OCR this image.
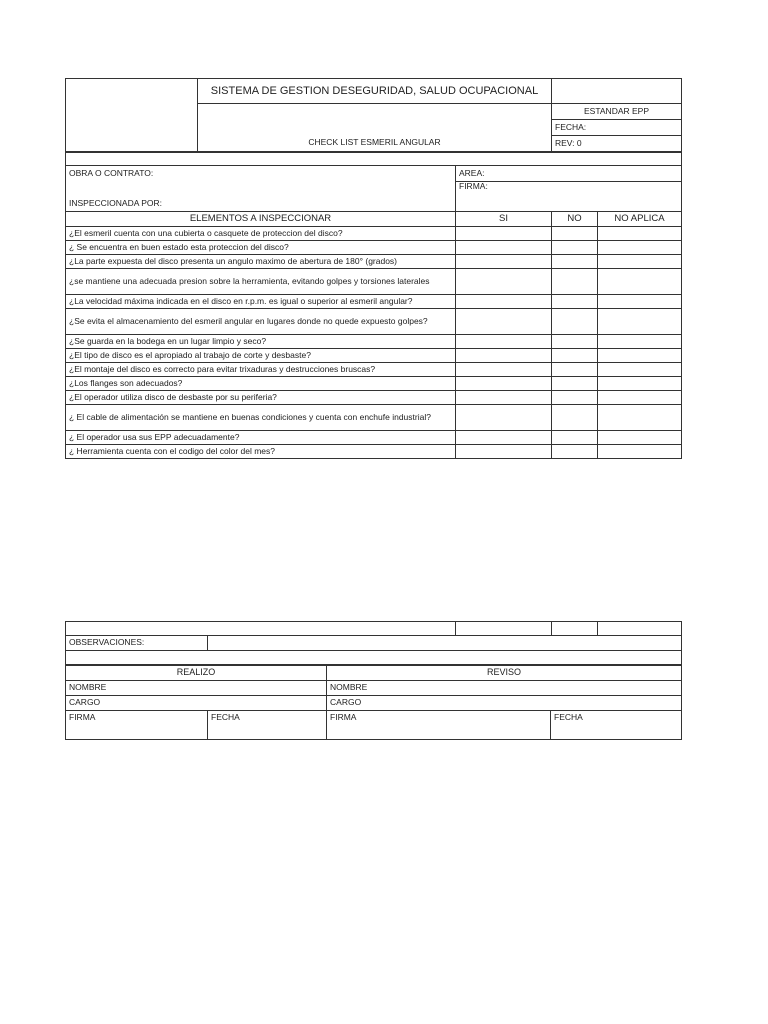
	SISTEMA DE GESTION DESEGURIDAD, SALUD OCUPACIONAL	
		ESTANDAR EPP
		FECHA:
	CHECK LIST ESMERIL ANGULAR	REV: 0

OBRA O CONTRATO:	AREA:		
INSPECCIONADA POR:	FIRMA:		
ELEMENTOS A INSPECCIONAR	SI	NO	NO APLICA
¿El esmeril cuenta con una cubierta o casquete de proteccion del disco?			
¿ Se encuentra en buen estado esta proteccion del disco?			
¿La parte expuesta del disco presenta un angulo maximo de abertura de 180° (grados)			
¿se mantiene una adecuada presion sobre la herramienta, evitando golpes y torsiones laterales			
¿La velocidad máxima indicada en el disco en r.p.m. es igual o superior al esmeril angular?			
¿Se evita el almacenamiento del esmeril angular en lugares donde no quede expuesto golpes?			
¿Se guarda en la bodega en un lugar limpio y seco?			
¿El tipo de disco es el apropiado al trabajo de corte y desbaste?			
¿El montaje del disco es correcto para evitar trixaduras y destrucciones bruscas?			
¿Los flanges son adecuados?			
¿El operador utiliza disco de desbaste por su periferia?			
¿ El cable de alimentación se mantiene en buenas condiciones y cuenta con enchufe industrial?			
¿ El operador usa sus EPP adecuadamente?			
¿ Herramienta cuenta con el codigo del color del mes?			

OBSERVACIONES:				

REALIZO		REVISO	
NOMBRE		NOMBRE	
CARGO		CARGO	
FIRMA	FECHA	FIRMA	FECHA
